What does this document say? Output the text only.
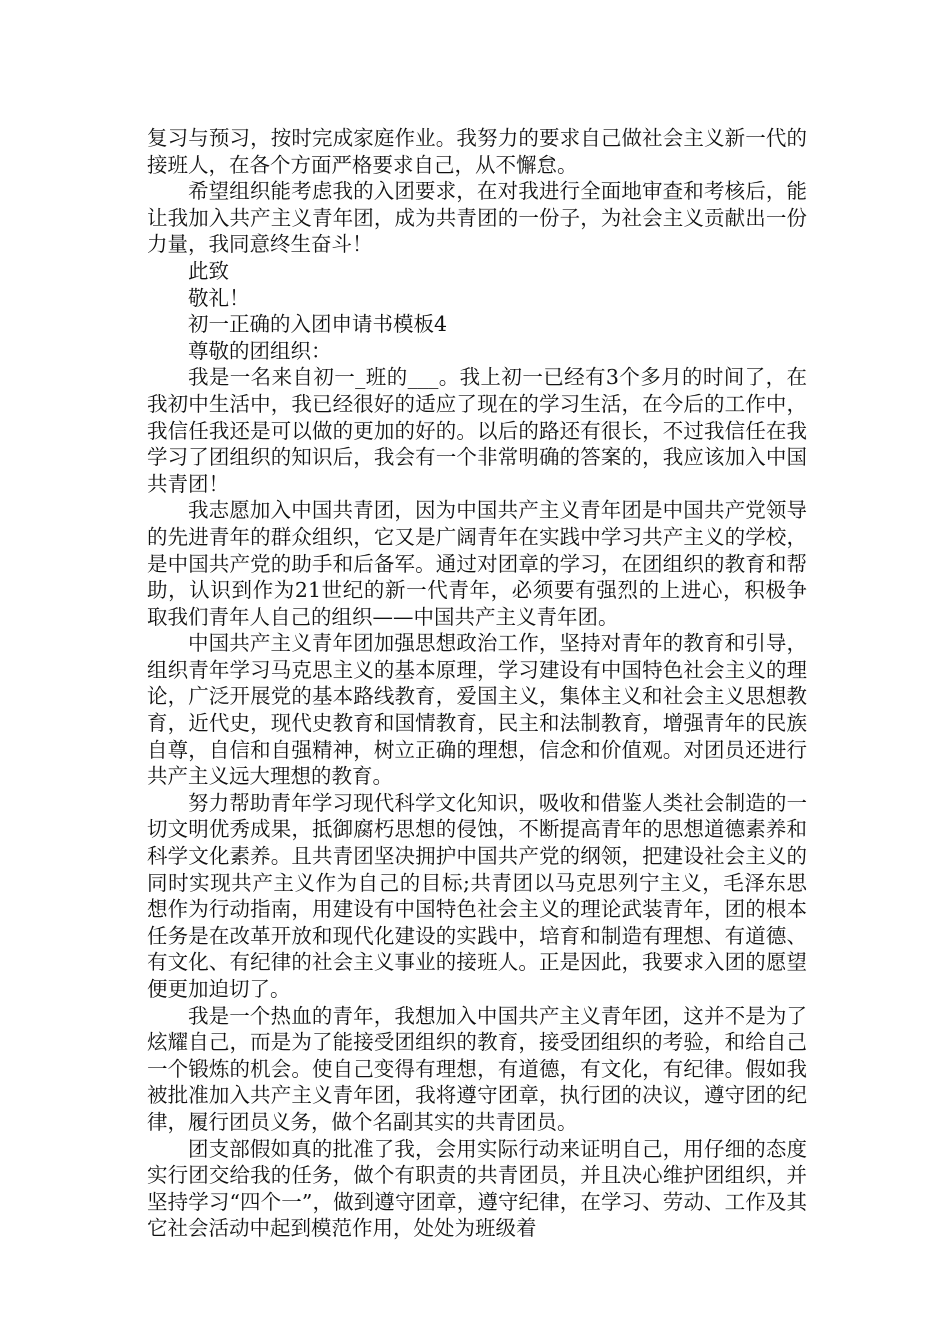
复习与预习，按时完成家庭作业。我努力的要求自己做社会主义新一代的接班人，在各个方面严格要求自己，从不懈怠。

希望组织能考虑我的入团要求，在对我进行全面地审查和考核后，能让我加入共产主义青年团，成为共青团的一份子，为社会主义贡献出一份力量，我同意终生奋斗！

此致

敬礼！

初一正确的入团申请书模板4

尊敬的团组织：

我是一名来自初一_班的___。我上初一已经有3个多月的时间了，在我初中生活中，我已经很好的适应了现在的学习生活，在今后的工作中，我信任我还是可以做的更加的好的。以后的路还有很长，不过我信任在我学习了团组织的知识后，我会有一个非常明确的答案的，我应该加入中国共青团！

我志愿加入中国共青团，因为中国共产主义青年团是中国共产党领导的先进青年的群众组织，它又是广阔青年在实践中学习共产主义的学校，是中国共产党的助手和后备军。通过对团章的学习，在团组织的教育和帮助，认识到作为21世纪的新一代青年，必须要有强烈的上进心，积极争取我们青年人自己的组织——中国共产主义青年团。

中国共产主义青年团加强思想政治工作，坚持对青年的教育和引导，组织青年学习马克思主义的基本原理，学习建设有中国特色社会主义的理论，广泛开展党的基本路线教育，爱国主义，集体主义和社会主义思想教育，近代史，现代史教育和国情教育，民主和法制教育，增强青年的民族自尊，自信和自强精神，树立正确的理想，信念和价值观。对团员还进行共产主义远大理想的教育。

努力帮助青年学习现代科学文化知识，吸收和借鉴人类社会制造的一切文明优秀成果，抵御腐朽思想的侵蚀，不断提高青年的思想道德素养和科学文化素养。且共青团坚决拥护中国共产党的纲领，把建设社会主义的同时实现共产主义作为自己的目标;共青团以马克思列宁主义，毛泽东思想作为行动指南，用建设有中国特色社会主义的理论武装青年，团的根本任务是在改革开放和现代化建设的实践中，培育和制造有理想、有道德、有文化、有纪律的社会主义事业的接班人。正是因此，我要求入团的愿望便更加迫切了。

我是一个热血的青年，我想加入中国共产主义青年团，这并不是为了炫耀自己，而是为了能接受团组织的教育，接受团组织的考验，和给自己一个锻炼的机会。使自己变得有理想，有道德，有文化，有纪律。假如我被批准加入共产主义青年团，我将遵守团章，执行团的决议，遵守团的纪律，履行团员义务，做个名副其实的共青团员。

团支部假如真的批准了我，会用实际行动来证明自己，用仔细的态度实行团交给我的任务，做个有职责的共青团员，并且决心维护团组织，并坚持学习“四个一”，做到遵守团章，遵守纪律，在学习、劳动、工作及其它社会活动中起到模范作用，处处为班级着
